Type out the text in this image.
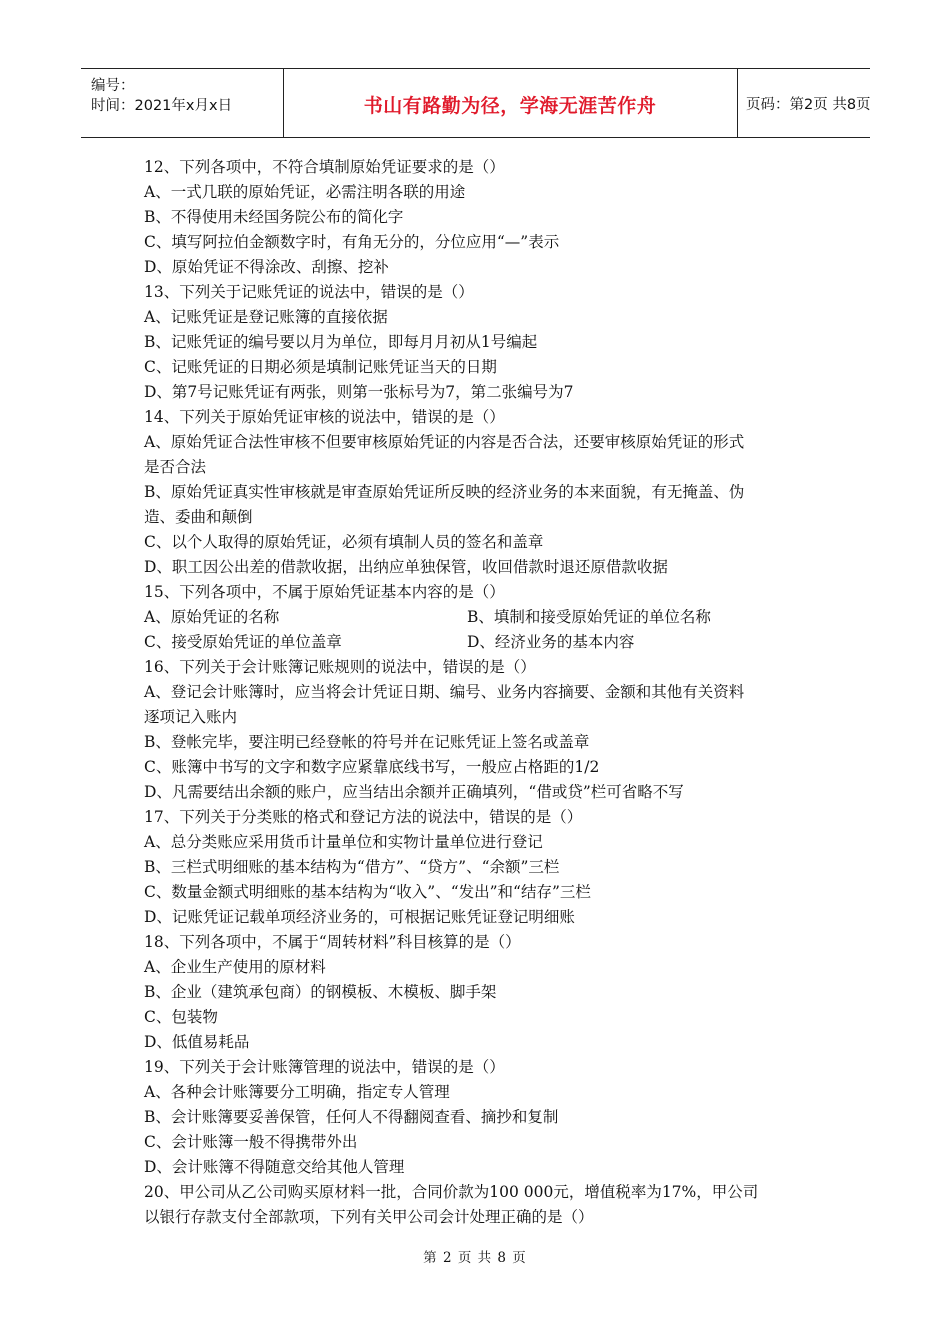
编号：
时间：2021年x月x日	书山有路勤为径，学海无涯苦作舟	页码：第2页 共8页
12、下列各项中，不符合填制原始凭证要求的是（）
A、一式几联的原始凭证，必需注明各联的用途
B、不得使用未经国务院公布的简化字
C、填写阿拉伯金额数字时，有角无分的，分位应用“—”表示
D、原始凭证不得涂改、刮擦、挖补
13、下列关于记账凭证的说法中，错误的是（）
A、记账凭证是登记账簿的直接依据
B、记账凭证的编号要以月为单位，即每月月初从1号编起
C、记账凭证的日期必须是填制记账凭证当天的日期
D、第7号记账凭证有两张，则第一张标号为7，第二张编号为7
14、下列关于原始凭证审核的说法中，错误的是（）
A、原始凭证合法性审核不但要审核原始凭证的内容是否合法，还要审核原始凭证的形式
是否合法
B、原始凭证真实性审核就是审查原始凭证所反映的经济业务的本来面貌，有无掩盖、伪
造、委曲和颠倒
C、以个人取得的原始凭证，必须有填制人员的签名和盖章
D、职工因公出差的借款收据，出纳应单独保管，收回借款时退还原借款收据
15、下列各项中，不属于原始凭证基本内容的是（）
A、原始凭证的名称	B、填制和接受原始凭证的单位名称
C、接受原始凭证的单位盖章	D、经济业务的基本内容
16、下列关于会计账簿记账规则的说法中，错误的是（）
A、登记会计账簿时，应当将会计凭证日期、编号、业务内容摘要、金额和其他有关资料
逐项记入账内
B、登帐完毕，要注明已经登帐的符号并在记账凭证上签名或盖章
C、账簿中书写的文字和数字应紧靠底线书写，一般应占格距的1/2
D、凡需要结出余额的账户，应当结出余额并正确填列，“借或贷”栏可省略不写
17、下列关于分类账的格式和登记方法的说法中，错误的是（）
A、总分类账应采用货币计量单位和实物计量单位进行登记
B、三栏式明细账的基本结构为“借方”、“贷方”、“余额”三栏
C、数量金额式明细账的基本结构为“收入”、“发出”和“结存”三栏
D、记账凭证记载单项经济业务的，可根据记账凭证登记明细账
18、下列各项中，不属于“周转材料”科目核算的是（）
A、企业生产使用的原材料
B、企业（建筑承包商）的钢模板、木模板、脚手架
C、包装物
D、低值易耗品
19、下列关于会计账簿管理的说法中，错误的是（）
A、各种会计账簿要分工明确，指定专人管理
B、会计账簿要妥善保管，任何人不得翻阅查看、摘抄和复制
C、会计账簿一般不得携带外出
D、会计账簿不得随意交给其他人管理
20、甲公司从乙公司购买原材料一批，合同价款为100 000元，增值税率为17%，甲公司
以银行存款支付全部款项，下列有关甲公司会计处理正确的是（）
第 2 页 共 8 页
